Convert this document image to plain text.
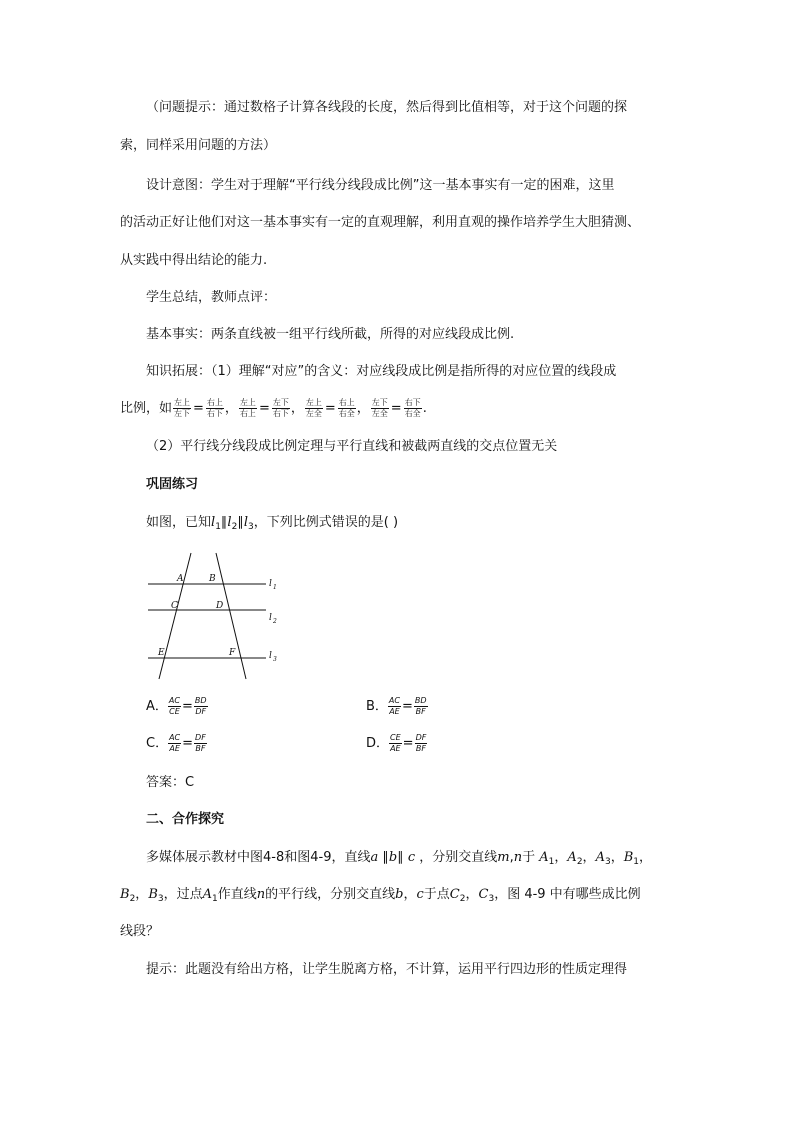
（问题提示：通过数格子计算各线段的长度，然后得到比值相等，对于这个问题的探
索，同样采用问题的方法）
设计意图：学生对于理解“平行线分线段成比例”这一基本事实有一定的困难，这里
的活动正好让他们对这一基本事实有一定的直观理解，利用直观的操作培养学生大胆猜测、
从实践中得出结论的能力.
学生总结，教师点评：
基本事实：两条直线被一组平行线所截，所得的对应线段成比例.
知识拓展：（1）理解“对应”的含义：对应线段成比例是指所得的对应位置的线段成
比例，如 $\frac{\text{左上}}{\text{左下}} = \frac{\text{右上}}{\text{右下}}$ ， $\frac{\text{左上}}{\text{右上}} = \frac{\text{左下}}{\text{右下}}$ ， $\frac{\text{左上}}{\text{左全}} = \frac{\text{右上}}{\text{右全}}$ ， $\frac{\text{左下}}{\text{左全}} = \frac{\text{右下}}{\text{右全}}$ .
（2）平行线分线段成比例定理与平行直线和被截两直线的交点位置无关
巩固练习
如图，已知$l_1\parallel l_2\parallel l_3$，下列比例式错误的是( )
A	B
C	D
E	F
l 1
l 2
l 3
A． $\frac{AC}{CE} = \frac{BD}{DF}$	B． $\frac{AC}{AE} = \frac{BD}{BF}$
C． $\frac{AC}{AE} = \frac{DF}{BF}$	D． $\frac{CE}{AE} = \frac{DF}{BF}$
答案：C
二、合作探究
多媒体展示教材中图4-8和图4-9，直线a ∥b∥ c ，分别交直线m,n于 $A_1$，$A_2$，$A_3$，$B_1$，
$B_2$，$B_3$，过点$A_1$作直线n的平行线，分别交直线b，c于点$C_2$，$C_3$，图 4-9 中有哪些成比例
线段？
提示：此题没有给出方格，让学生脱离方格，不计算，运用平行四边形的性质定理得
